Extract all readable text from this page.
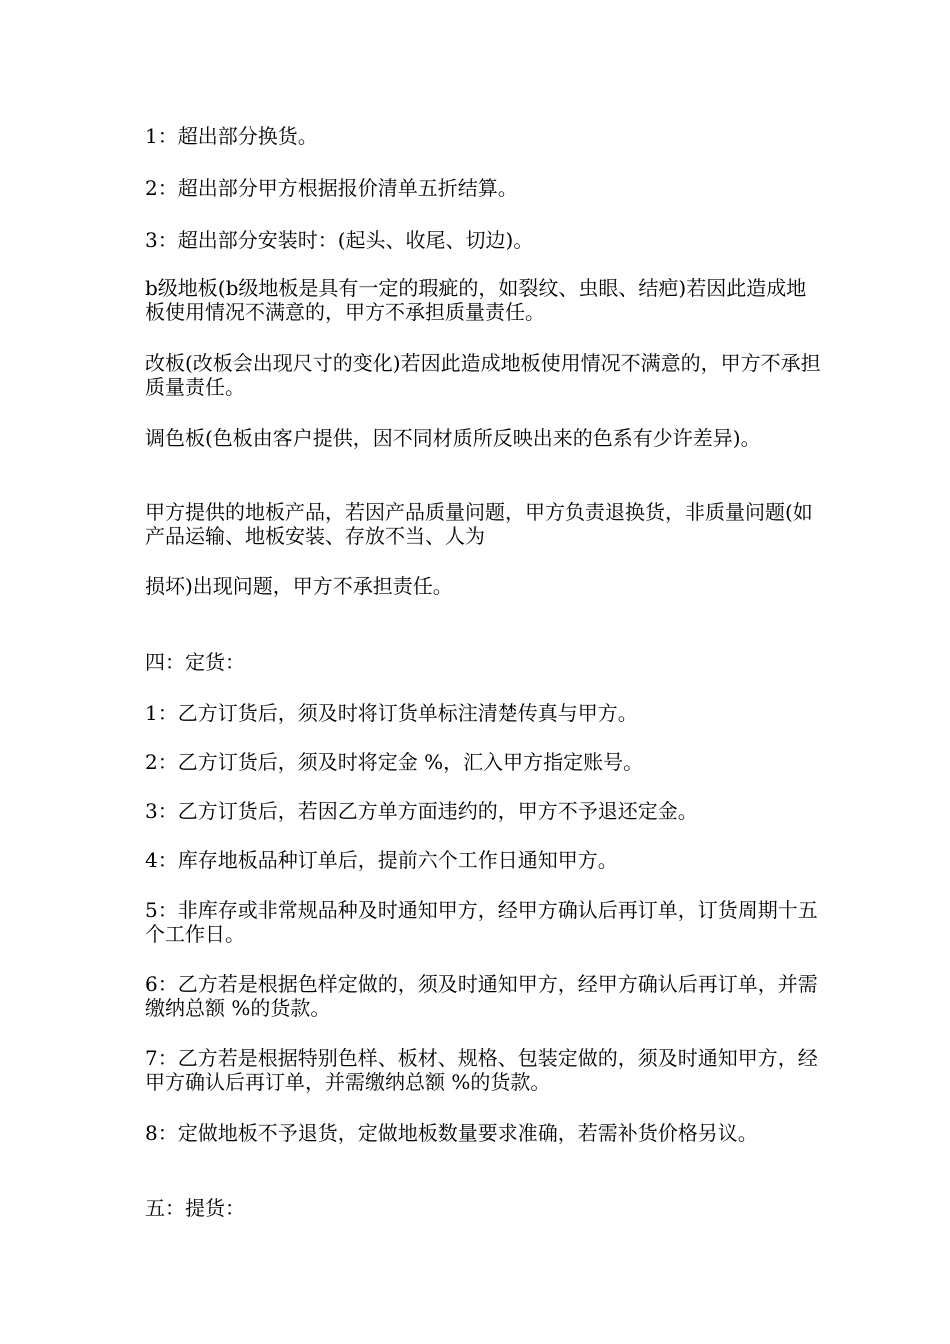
1：超出部分换货。
2：超出部分甲方根据报价清单五折结算。
3：超出部分安装时：(起头、收尾、切边)。
b级地板(b级地板是具有一定的瑕疵的，如裂纹、虫眼、结疤)若因此造成地板使用情况不满意的，甲方不承担质量责任。
改板(改板会出现尺寸的变化)若因此造成地板使用情况不满意的，甲方不承担质量责任。
调色板(色板由客户提供，因不同材质所反映出来的色系有少许差异)。
甲方提供的地板产品，若因产品质量问题，甲方负责退换货，非质量问题(如产品运输、地板安装、存放不当、人为
损坏)出现问题，甲方不承担责任。
四：定货：
1：乙方订货后，须及时将订货单标注清楚传真与甲方。
2：乙方订货后，须及时将定金 %，汇入甲方指定账号。
3：乙方订货后，若因乙方单方面违约的，甲方不予退还定金。
4：库存地板品种订单后，提前六个工作日通知甲方。
5：非库存或非常规品种及时通知甲方，经甲方确认后再订单，订货周期十五个工作日。
6：乙方若是根据色样定做的，须及时通知甲方，经甲方确认后再订单，并需缴纳总额 %的货款。
7：乙方若是根据特别色样、板材、规格、包装定做的，须及时通知甲方，经甲方确认后再订单，并需缴纳总额 %的货款。
8：定做地板不予退货，定做地板数量要求准确，若需补货价格另议。
五：提货：
